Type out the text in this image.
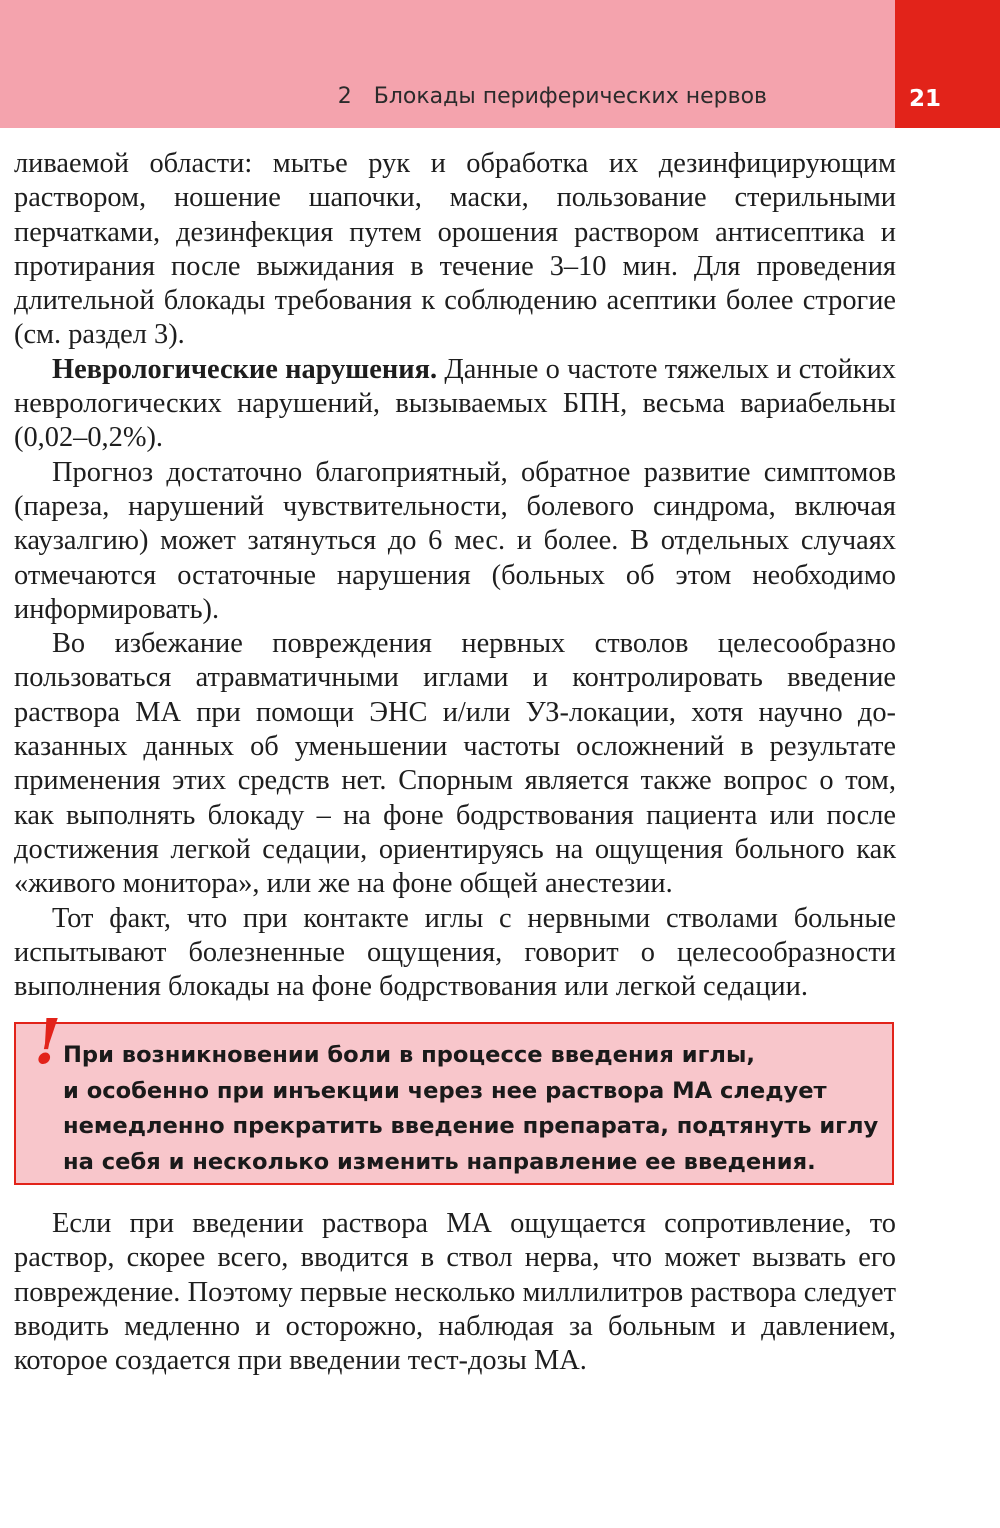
2 Блокады периферических нервов	21

ливаемой области: мытье рук и обработка их дезинфицирующим раствором, ношение шапочки, маски, пользование стерильными перчатками, дезинфекция путем орошения раствором антисептика и протирания после выжидания в течение 3–10 мин. Для проведения длительной блокады требования к соблюдению асептики более строгие (см. раздел 3).

Неврологические нарушения. Данные о частоте тяжелых и стойких неврологических нарушений, вызываемых БПН, весьма вариабельны (0,02–0,2%).

Прогноз достаточно благоприятный, обратное развитие симптомов (пареза, нарушений чувствительности, болевого синдрома, включая каузалгию) может затянуться до 6 мес. и более. В отдельных случаях отмечаются остаточные нарушения (больных об этом необходимо информировать).

Во избежание повреждения нервных стволов целесообразно пользоваться атравматичными иглами и контролировать введение раствора МА при помощи ЭНС и/или УЗ-локации, хотя научно доказанных данных об уменьшении частоты осложнений в результате применения этих средств нет. Спорным является также вопрос о том, как выполнять блокаду – на фоне бодрствования пациента или после достижения легкой седации, ориентируясь на ощущения больного как «живого монитора», или же на фоне общей анестезии.

Тот факт, что при контакте иглы с нервными стволами больные испытывают болезненные ощущения, говорит о целесообразности выполнения блокады на фоне бодрствования или легкой седации.

! При возникновении боли в процессе введения иглы,
и особенно при инъекции через нее раствора МА следует
немедленно прекратить введение препарата, подтянуть иглу
на себя и несколько изменить направление ее введения.

Если при введении раствора МА ощущается сопротивление, то раствор, скорее всего, вводится в ствол нерва, что может вызвать его повреждение. Поэтому первые несколько миллилитров раствора следует вводить медленно и осторожно, наблюдая за больным и давлением, которое создается при введении тест-дозы МА.
